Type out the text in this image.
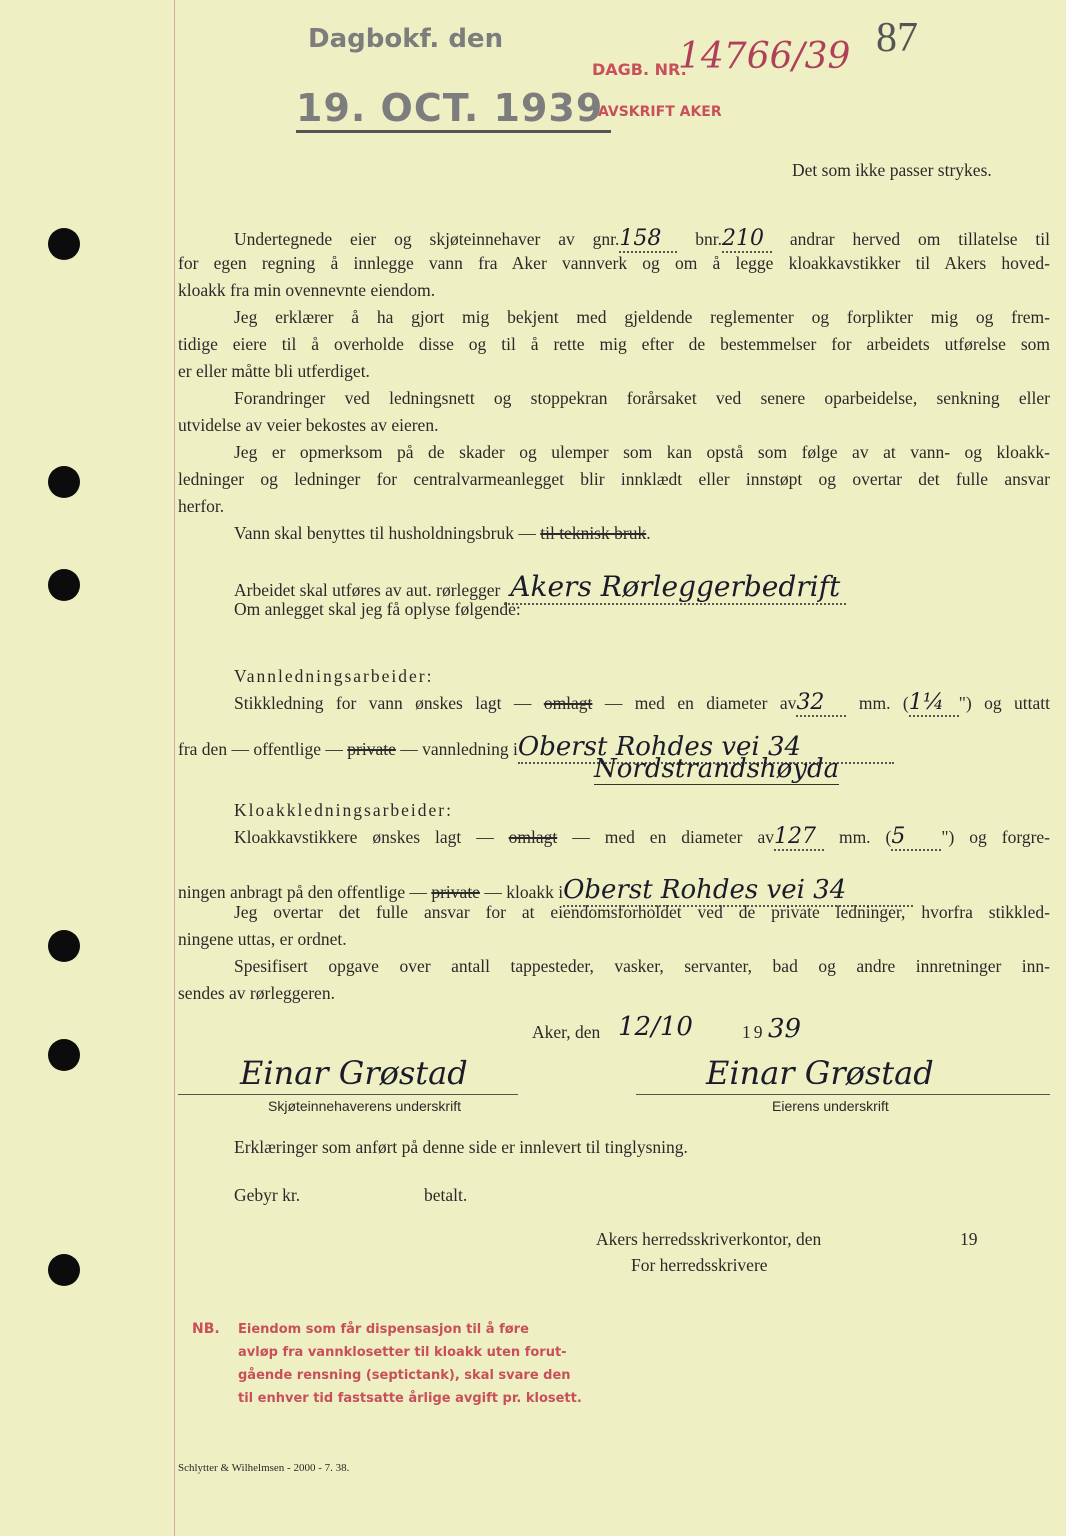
Dagbokf. den
19. OCT. 1939
DAGB. NR.
14766/39
AVSKRIFT AKER
87
Det som ikke passer strykes.
Undertegnede eier og skjøteinnehaver av gnr.158 bnr.210 andrar herved om tillatelse til
for egen regning å innlegge vann fra Aker vannverk og om å legge kloakkavstikker til Akers hoved-
kloakk fra min ovennevnte eiendom.
Jeg erklærer å ha gjort mig bekjent med gjeldende reglementer og forplikter mig og frem-
tidige eiere til å overholde disse og til å rette mig efter de bestemmelser for arbeidets utførelse som
er eller måtte bli utferdiget.
Forandringer ved ledningsnett og stoppekran forårsaket ved senere oparbeidelse, senkning eller
utvidelse av veier bekostes av eieren.
Jeg er opmerksom på de skader og ulemper som kan opstå som følge av at vann- og kloakk-
ledninger og ledninger for centralvarmeanlegget blir innklædt eller innstøpt og overtar det fulle ansvar
herfor.
Vann skal benyttes til husholdningsbruk — til teknisk bruk.
Arbeidet skal utføres av aut. rørlegger Akers Rørleggerbedrift
Om anlegget skal jeg få oplyse følgende:
Vannledningsarbeider:
Stikkledning for vann ønskes lagt — omlagt — med en diameter av32 mm. (1¼ ") og uttatt
fra den — offentlige — private — vannledning iOberst Rohdes vei 34
Nordstrandshøyda
Kloakkledningsarbeider:
Kloakkavstikkere ønskes lagt — omlagt — med en diameter av127 mm. (5 ") og forgre-
ningen anbragt på den offentlige — private — kloakk iOberst Rohdes vei 34
Jeg overtar det fulle ansvar for at eiendomsforholdet ved de private ledninger, hvorfra stikkled-
ningene uttas, er ordnet.
Spesifisert opgave over antall tappesteder, vasker, servanter, bad og andre innretninger inn-
sendes av rørleggeren.
Aker, den 12/10	19 39
Einar Grøstad
Skjøteinnehaverens underskrift
Einar Grøstad
Eierens underskrift
Erklæringer som anført på denne side er innlevert til tinglysning.
Gebyr kr.	betalt.
Akers herredsskriverkontor, den	19
For herredsskrivere
NB. Eiendom som får dispensasjon til å føre
avløp fra vannklosetter til kloakk uten forut-
gående rensning (septictank), skal svare den
til enhver tid fastsatte årlige avgift pr. klosett.
Schlytter & Wilhelmsen - 2000 - 7. 38.
